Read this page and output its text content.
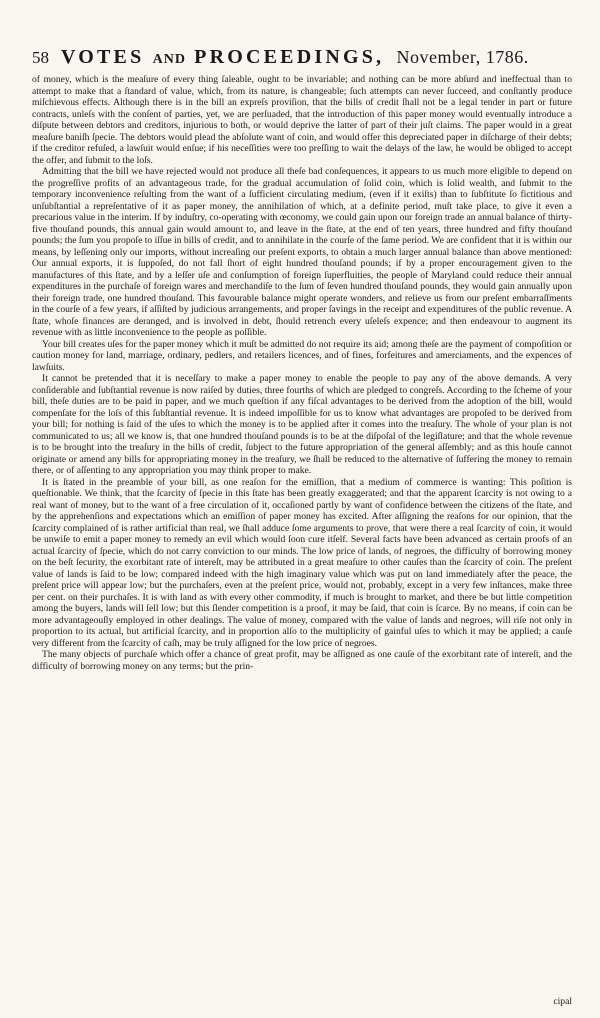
58 VOTES AND PROCEEDINGS, November, 1786.

of money, which is the meaſure of every thing ſaleable, ought to be invariable; and nothing can be more abſurd and ineffectual than to attempt to make that a ſtandard of value, which, from its nature, is changeable; ſuch attempts can never ſucceed, and conſtantly produce miſchievous effects. Although there is in the bill an expreſs proviſion, that the bills of credit ſhall not be a legal tender in part or future contracts, unleſs with the conſent of parties, yet, we are perſuaded, that the introduction of this paper money would eventually introduce a diſpute between debtors and creditors, injurious to both, or would deprive the latter of part of their juſt claims. The paper would in a great meaſure baniſh ſpecie. The debtors would plead the abſolute want of coin, and would offer this depreciated paper in diſcharge of their debts; if the creditor refuſed, a lawſuit would enſue; if his neceſſities were too preſſing to wait the delays of the law, he would be obliged to accept the offer, and ſubmit to the loſs.

Admitting that the bill we have rejected would not produce all theſe bad conſequences, it appears to us much more eligible to depend on the progreſſive profits of an advantageous trade, for the gradual accumulation of ſolid coin, which is ſolid wealth, and ſubmit to the temporary inconvenience reſulting from the want of a ſufficient circulating medium, (even if it exiſts) than to ſubſtitute ſo fictitious and unſubſtantial a repreſentative of it as paper money, the annihilation of which, at a definite period, muſt take place, to give it even a precarious value in the interim. If by induſtry, co-operating with œconomy, we could gain upon our foreign trade an annual balance of thirty-five thouſand pounds, this annual gain would amount to, and leave in the ſtate, at the end of ten years, three hundred and fifty thouſand pounds; the ſum you propoſe to iſſue in bills of credit, and to annihilate in the courſe of the ſame period. We are confident that it is within our means, by leſſening only our imports, without increaſing our preſent exports, to obtain a much larger annual balance than above mentioned: Our annual exports, it is ſuppoſed, do not fall ſhort of eight hundred thouſand pounds; if by a proper encouragement given to the manufactures of this ſtate, and by a leſſer uſe and conſumption of foreign ſuperfluities, the people of Maryland could reduce their annual expenditures in the purchaſe of foreign wares and merchandiſe to the ſum of ſeven hundred thouſand pounds, they would gain annually upon their foreign trade, one hundred thouſand. This favourable balance might operate wonders, and relieve us from our preſent embarraſſments in the courſe of a few years, if aſſiſted by judicious arrangements, and proper ſavings in the receipt and expenditures of the public revenue. A ſtate, whoſe finances are deranged, and is involved in debt, ſhould retrench every uſeleſs expence; and then endeavour to augment its revenue with as little inconvenience to the people as poſſible.

Your bill creates uſes for the paper money which it muſt be admitted do not require its aid; among theſe are the payment of compoſition or caution money for land, marriage, ordinary, pedlers, and retailers licences, and of fines, forfeitures and amerciaments, and the expences of lawſuits.

It cannot be pretended that it is neceſſary to make a paper money to enable the people to pay any of the above demands. A very conſiderable and ſubſtantial revenue is now raiſed by duties, three fourths of which are pledged to congreſs. According to the ſcheme of your bill, theſe duties are to be paid in paper, and we much queſtion if any fiſcal advantages to be derived from the adoption of the bill, would compenſate for the loſs of this ſubſtantial revenue. It is indeed impoſſible for us to know what advantages are propoſed to be derived from your bill; for nothing is ſaid of the uſes to which the money is to be applied after it comes into the treaſury. The whole of your plan is not communicated to us; all we know is, that one hundred thouſand pounds is to be at the diſpoſal of the legiſlature; and that the whole revenue is to be brought into the treaſury in the bills of credit, ſubject to the future appropriation of the general aſſembly; and as this houſe cannot originate or amend any bills for appropriating money in the treaſury, we ſhall be reduced to the alternative of ſuffering the money to remain there, or of aſſenting to any appropriation you may think proper to make.

It is ſtated in the preamble of your bill, as one reaſon for the emiſſion, that a medium of commerce is wanting: This poſition is queſtionable. We think, that the ſcarcity of ſpecie in this ſtate has been greatly exaggerated; and that the apparent ſcarcity is not owing to a real want of money, but to the want of a free circulation of it, occaſioned partly by want of confidence between the citizens of the ſtate, and by the apprehenſions and expectations which an emiſſion of paper money has excited. After aſſigning the reaſons for our opinion, that the ſcarcity complained of is rather artificial than real, we ſhall adduce ſome arguments to prove, that were there a real ſcarcity of coin, it would be unwiſe to emit a paper money to remedy an evil which would ſoon cure itſelf. Several facts have been advanced as certain proofs of an actual ſcarcity of ſpecie, which do not carry conviction to our minds. The low price of lands, of negroes, the difficulty of borrowing money on the beſt ſecurity, the exorbitant rate of intereſt, may be attributed in a great meaſure to other cauſes than the ſcarcity of coin. The preſent value of lands is ſaid to be low; compared indeed with the high imaginary value which was put on land immediately after the peace, the preſent price will appear low; but the purchaſers, even at the preſent price, would not, probably, except in a very few inſtances, make three per cent. on their purchaſes. It is with land as with every other commodity, if much is brought to market, and there be but little competition among the buyers, lands will ſell low; but this ſlender competition is a proof, it may be ſaid, that coin is ſcarce. By no means, if coin can be more advantageouſly employed in other dealings. The value of money, compared with the value of lands and negroes, will riſe not only in proportion to its actual, but artificial ſcarcity, and in proportion alſo to the multiplicity of gainful uſes to which it may be applied; a cauſe very different from the ſcarcity of caſh, may be truly aſſigned for the low price of negroes.

The many objects of purchaſe which offer a chance of great profit, may be aſſigned as one cauſe of the exorbitant rate of intereſt, and the difficulty of borrowing money on any terms; but the prin-

cipal
